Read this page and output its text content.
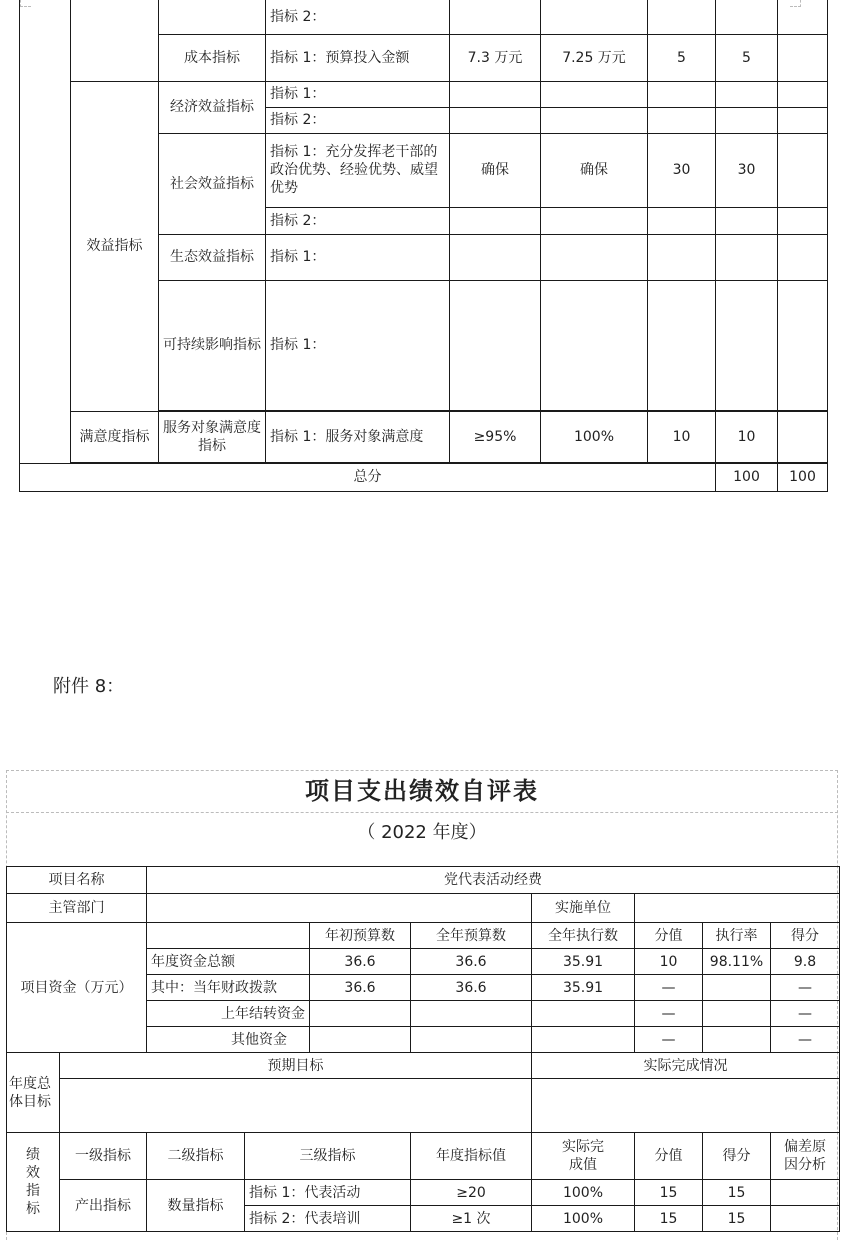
			指标 2：						
		成本指标	指标 1：预算投入金额	7.3 万元	7.25 万元	5	5		
	效益指标	经济效益指标	指标 1：						
			指标 2：						
		社会效益指标	指标 1：充分发挥老干部的政治优势、经验优势、威望优势	确保	确保	30	30		
			指标 2：						
		生态效益指标	指标 1：						
		可持续影响指标	指标 1：						

	满意度指标	服务对象满意度指标	指标 1：服务对象满意度	≥95%	100%	10	10		

总分							100	100	
附件 8：
项目支出绩效自评表
（ 2022 年度）
项目名称		党代表活动经费							
主管部门						实施单位			
项目资金（万元）				年初预算数	全年预算数	全年执行数	分值	执行率	得分
		年度资金总额		36.6	36.6	35.91	10	98.11%	9.8
		其中：当年财政拨款		36.6	36.6	35.91	—		—
		上年结转资金					—		—
		其他资金					—		—
年度总体目标	预期目标					实际完成情况			

绩效指标	一级指标	二级指标	三级指标		年度指标值	实际完成值	分值	得分	偏差原因分析
	产出指标	数量指标	指标 1：代表活动		≥20	100%	15	15	
			指标 2：代表培训		≥1 次	100%	15	15	
